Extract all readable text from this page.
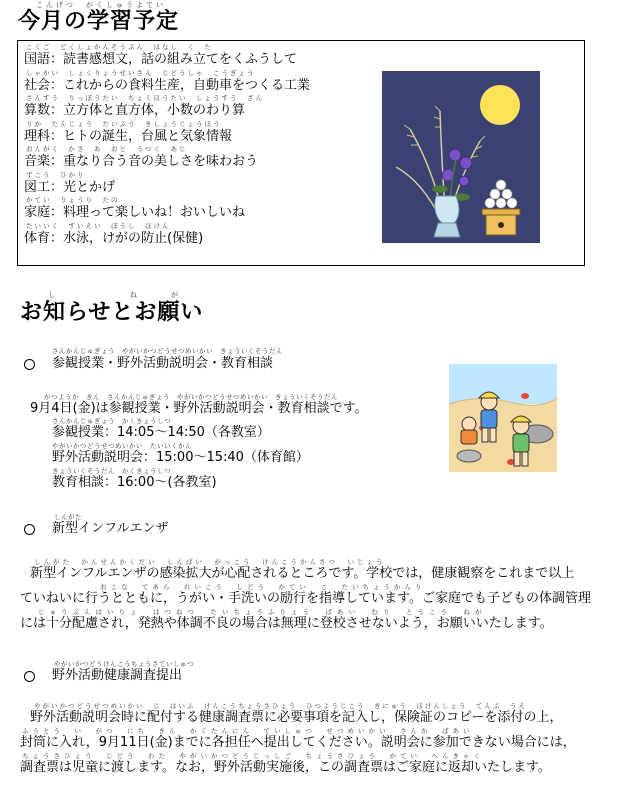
こんげつ　がくしゅうよてい
今月の学習予定
こくご　どくしょかんそうぶん　はなし　く　た
国語：読書感想文，話の組み立てをくふうして
しゃかい　しょくりょうせいさん　じどうしゃ　こうぎょう
社会：これからの食料生産，自動車をつくる工業
さんすう　りっぽうたい　ちょくほうたい　しょうすう　ざん
算数：立方体と直方体，小数のわり算
りか　たんじょう　たいふう　きしょうじょうほう
理科：ヒトの誕生，台風と気象情報
おんがく　かさ　あ　おと　うつく　あじ
音楽：重なり合う音の美しさを味わおう
ずこう　ひかり
図工：光とかげ
かてい　りょうり　たの
家庭：料理って楽しいね！おいしいね
たいいく　すいえい　ぼうし　ほけん
体育：水泳，けがの防止(保健)
し　ねが
お知らせとお願い
さんかんじゅぎょう　やがいかつどうせつめいかい　きょういくそうだん
参観授業・野外活動説明会・教育相談
がつようか　きん　さんかんじゅぎょう　やがいかつどうせつめいかい　きょういくそうだん
9月4日(金)は参観授業・野外活動説明会・教育相談です。
さんかんじゅぎょう　かくきょうしつ
参観授業：14:05～14:50（各教室）
やがいかつどうせつめいかい　たいいくかん
野外活動説明会：15:00～15:40（体育館）
きょういくそうだん　かくきょうしつ
教育相談：16:00～(各教室)
しんがた
新型インフルエンザ
しんがた　かんせんかくだい　しんぱい　がっこう　けんこうかんさつ　いじょう
新型インフルエンザの感染拡大が心配されるところです。学校では，健康観察をこれまで以上
おこな　てあら　れいこう　しどう　かてい　こ　たいちょうかんり
ていねいに行うとともに，うがい・手洗いの励行を指導しています。ご家庭でも子どもの体調管理
じゅうぶんはいりょ　はつねつ　たいちょうふりょう　ばあい　むり　とうこう　ねが
には十分配慮され，発熱や体調不良の場合は無理に登校させないよう，お願いいたします。
やがいかつどうけんこうちょうさていしゅつ
野外活動健康調査提出
やがいかつどうせつめいかい　じ　はいふ　けんこうちょうさひょう　ひつようじこう　きにゅう　ほけんしょう　てんぷ　うえ
野外活動説明会時に配付する健康調査票に必要事項を記入し，保険証のコピーを添付の上，
ふうとう　い　がつ　にち　きん　かくたんにん　ていしゅつ　せつめいかい　さんか　ばあい
封筒に入れ，9月11日(金)までに各担任へ提出してください。説明会に参加できない場合には，
ちょうさひょう　じどう　わた　やがいかつどうじっしご　ちょうさひょう　かてい　へんきゃく
調査票は児童に渡します。なお，野外活動実施後，この調査票はご家庭に返却いたします。
